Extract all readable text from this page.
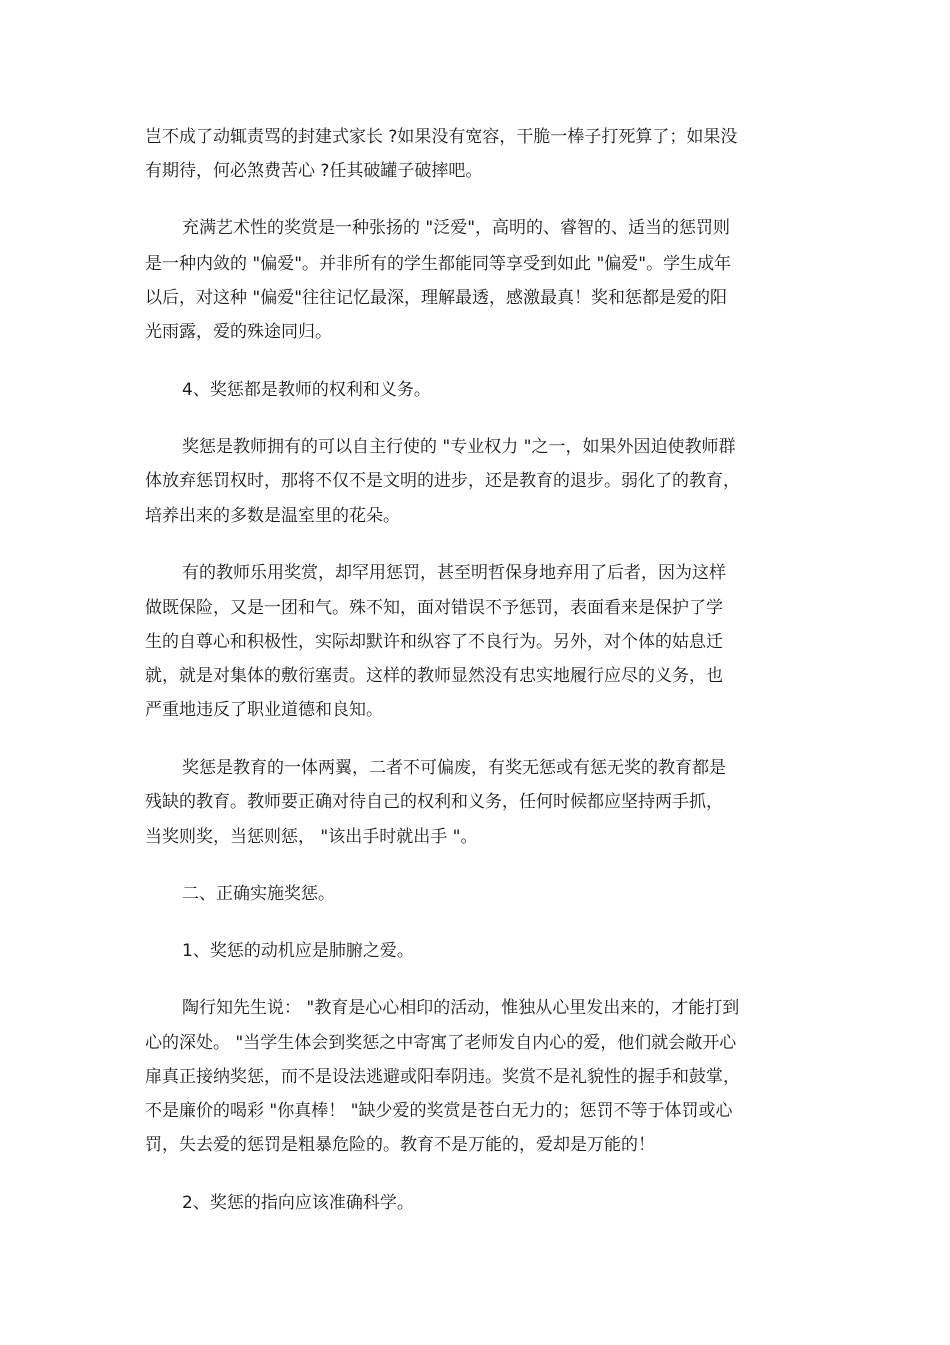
岂不成了动辄责骂的封建式家长 ?如果没有宽容，干脆一棒子打死算了；如果没

有期待，何必煞费苦心 ?任其破罐子破摔吧。

充满艺术性的奖赏是一种张扬的 "泛爱"，高明的、睿智的、适当的惩罚则

是一种内敛的 "偏爱"。并非所有的学生都能同等享受到如此 "偏爱"。学生成年

以后，对这种 "偏爱"往往记忆最深，理解最透，感激最真！奖和惩都是爱的阳

光雨露，爱的殊途同归。

4、奖惩都是教师的权利和义务。

奖惩是教师拥有的可以自主行使的 "专业权力 "之一，如果外因迫使教师群

体放弃惩罚权时，那将不仅不是文明的进步，还是教育的退步。弱化了的教育，

培养出来的多数是温室里的花朵。

有的教师乐用奖赏，却罕用惩罚，甚至明哲保身地弃用了后者，因为这样

做既保险，又是一团和气。殊不知，面对错误不予惩罚，表面看来是保护了学

生的自尊心和积极性，实际却默许和纵容了不良行为。另外，对个体的姑息迁

就，就是对集体的敷衍塞责。这样的教师显然没有忠实地履行应尽的义务，也

严重地违反了职业道德和良知。

奖惩是教育的一体两翼，二者不可偏废，有奖无惩或有惩无奖的教育都是

残缺的教育。教师要正确对待自己的权利和义务，任何时候都应坚持两手抓，

当奖则奖，当惩则惩， "该出手时就出手 "。

二、正确实施奖惩。

1、奖惩的动机应是肺腑之爱。

陶行知先生说： "教育是心心相印的活动，惟独从心里发出来的，才能打到

心的深处。 "当学生体会到奖惩之中寄寓了老师发自内心的爱，他们就会敞开心

扉真正接纳奖惩，而不是设法逃避或阳奉阴违。奖赏不是礼貌性的握手和鼓掌，

不是廉价的喝彩 "你真棒！ "缺少爱的奖赏是苍白无力的；惩罚不等于体罚或心

罚，失去爱的惩罚是粗暴危险的。教育不是万能的，爱却是万能的！

2、奖惩的指向应该准确科学。
